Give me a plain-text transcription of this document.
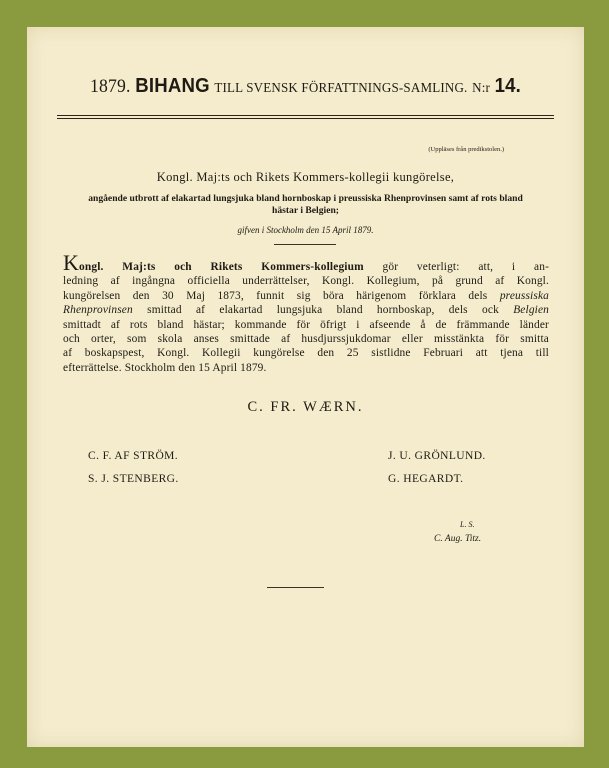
1879. BIHANG TILL SVENSK FÖRFATTNINGS-SAMLING. N:r 14.
(Uppläses från predikstolen.)
Kongl. Maj:ts och Rikets Kommers-kollegii kungörelse,
angående utbrott af elakartad lungsjuka bland hornboskap i preussiska Rhenprovinsen samt af rots bland hästar i Belgien;
gifven i Stockholm den 15 April 1879.
Kongl. Maj:ts och Rikets Kommers-kollegium gör veterligt: att, i an-
ledning af ingångna officiella underrättelser, Kongl. Kollegium, på grund af Kongl.
kungörelsen den 30 Maj 1873, funnit sig böra härigenom förklara dels preussiska
Rhenprovinsen smittad af elakartad lungsjuka bland hornboskap, dels ock Belgien
smittadt af rots bland hästar; kommande för öfrigt i afseende å de främmande länder
och orter, som skola anses smittade af husdjurssjukdomar eller misstänkta för smitta
af boskapspest, Kongl. Kollegii kungörelse den 25 sistlidne Februari att tjena till
efterrättelse. Stockholm den 15 April 1879.
C. FR. WÆRN.
C. F. AF STRÖM.
S. J. STENBERG.
J. U. GRÖNLUND.
G. HEGARDT.
L. S.
C. Aug. Titz.
